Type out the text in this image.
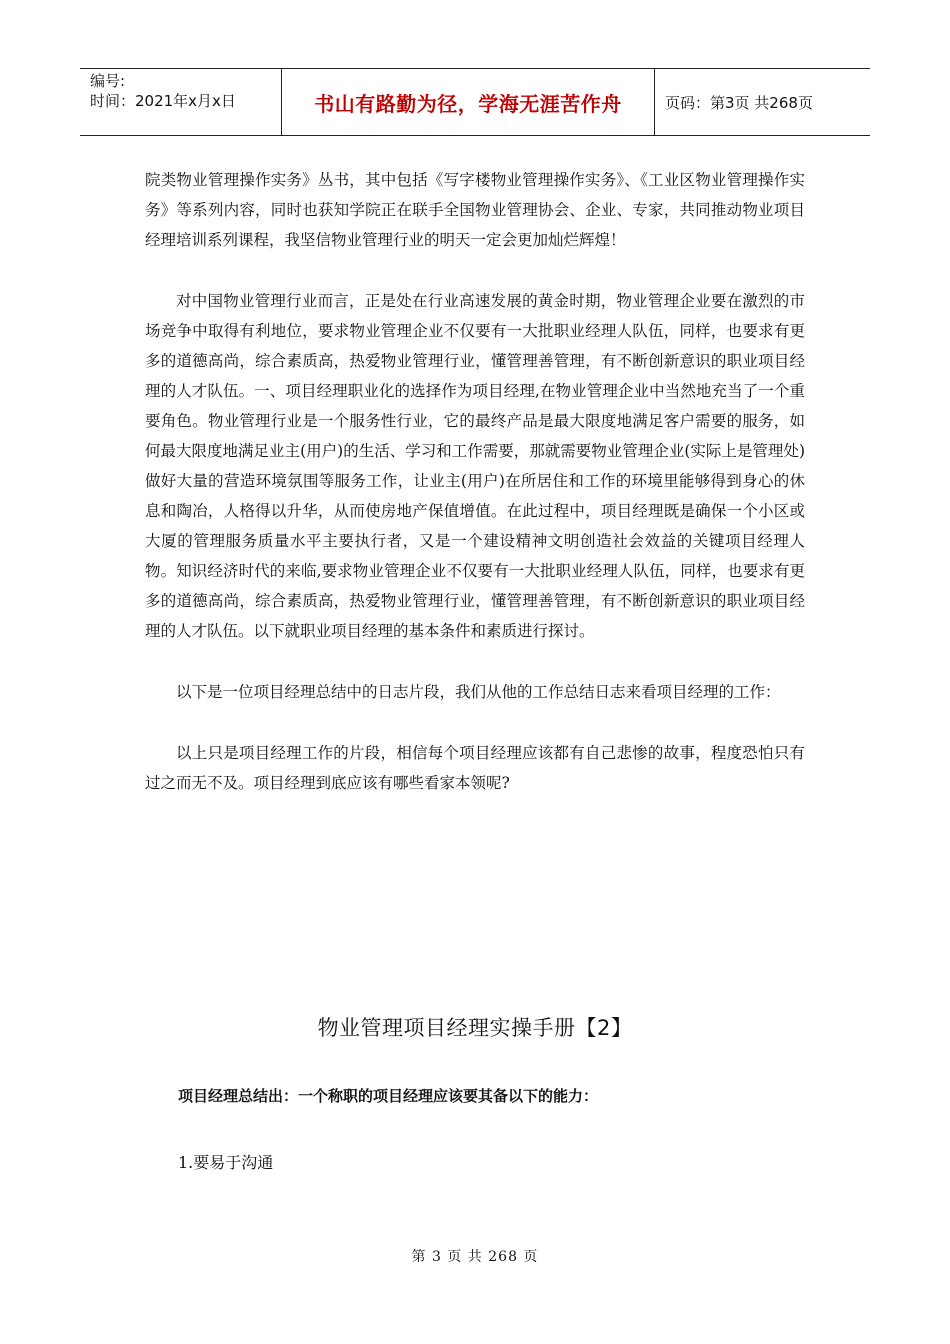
编号:
时间：2021年x月x日	书山有路勤为径，学海无涯苦作舟	页码：第3页 共268页

院类物业管理操作实务》丛书，其中包括《写字楼物业管理操作实务》、《工业区物业管理操作实务》等系列内容，同时也获知学院正在联手全国物业管理协会、企业、专家，共同推动物业项目经理培训系列课程，我坚信物业管理行业的明天一定会更加灿烂辉煌！

对中国物业管理行业而言，正是处在行业高速发展的黄金时期，物业管理企业要在激烈的市场竞争中取得有利地位，要求物业管理企业不仅要有一大批职业经理人队伍，同样，也要求有更多的道德高尚，综合素质高，热爱物业管理行业，懂管理善管理，有不断创新意识的职业项目经理的人才队伍。一、项目经理职业化的选择作为项目经理,在物业管理企业中当然地充当了一个重要角色。物业管理行业是一个服务性行业，它的最终产品是最大限度地满足客户需要的服务，如何最大限度地满足业主(用户)的生活、学习和工作需要，那就需要物业管理企业(实际上是管理处)做好大量的营造环境氛围等服务工作，让业主(用户)在所居住和工作的环境里能够得到身心的休息和陶冶，人格得以升华，从而使房地产保值增值。在此过程中，项目经理既是确保一个小区或大厦的管理服务质量水平主要执行者，又是一个建设精神文明创造社会效益的关键项目经理人物。知识经济时代的来临,要求物业管理企业不仅要有一大批职业经理人队伍，同样，也要求有更多的道德高尚，综合素质高，热爱物业管理行业，懂管理善管理，有不断创新意识的职业项目经理的人才队伍。以下就职业项目经理的基本条件和素质进行探讨。

以下是一位项目经理总结中的日志片段，我们从他的工作总结日志来看项目经理的工作：

以上只是项目经理工作的片段，相信每个项目经理应该都有自己悲惨的故事，程度恐怕只有过之而无不及。项目经理到底应该有哪些看家本领呢?

物业管理项目经理实操手册【2】
项目经理总结出：一个称职的项目经理应该要其备以下的能力：
1.要易于沟通
第 3 页 共 268 页
